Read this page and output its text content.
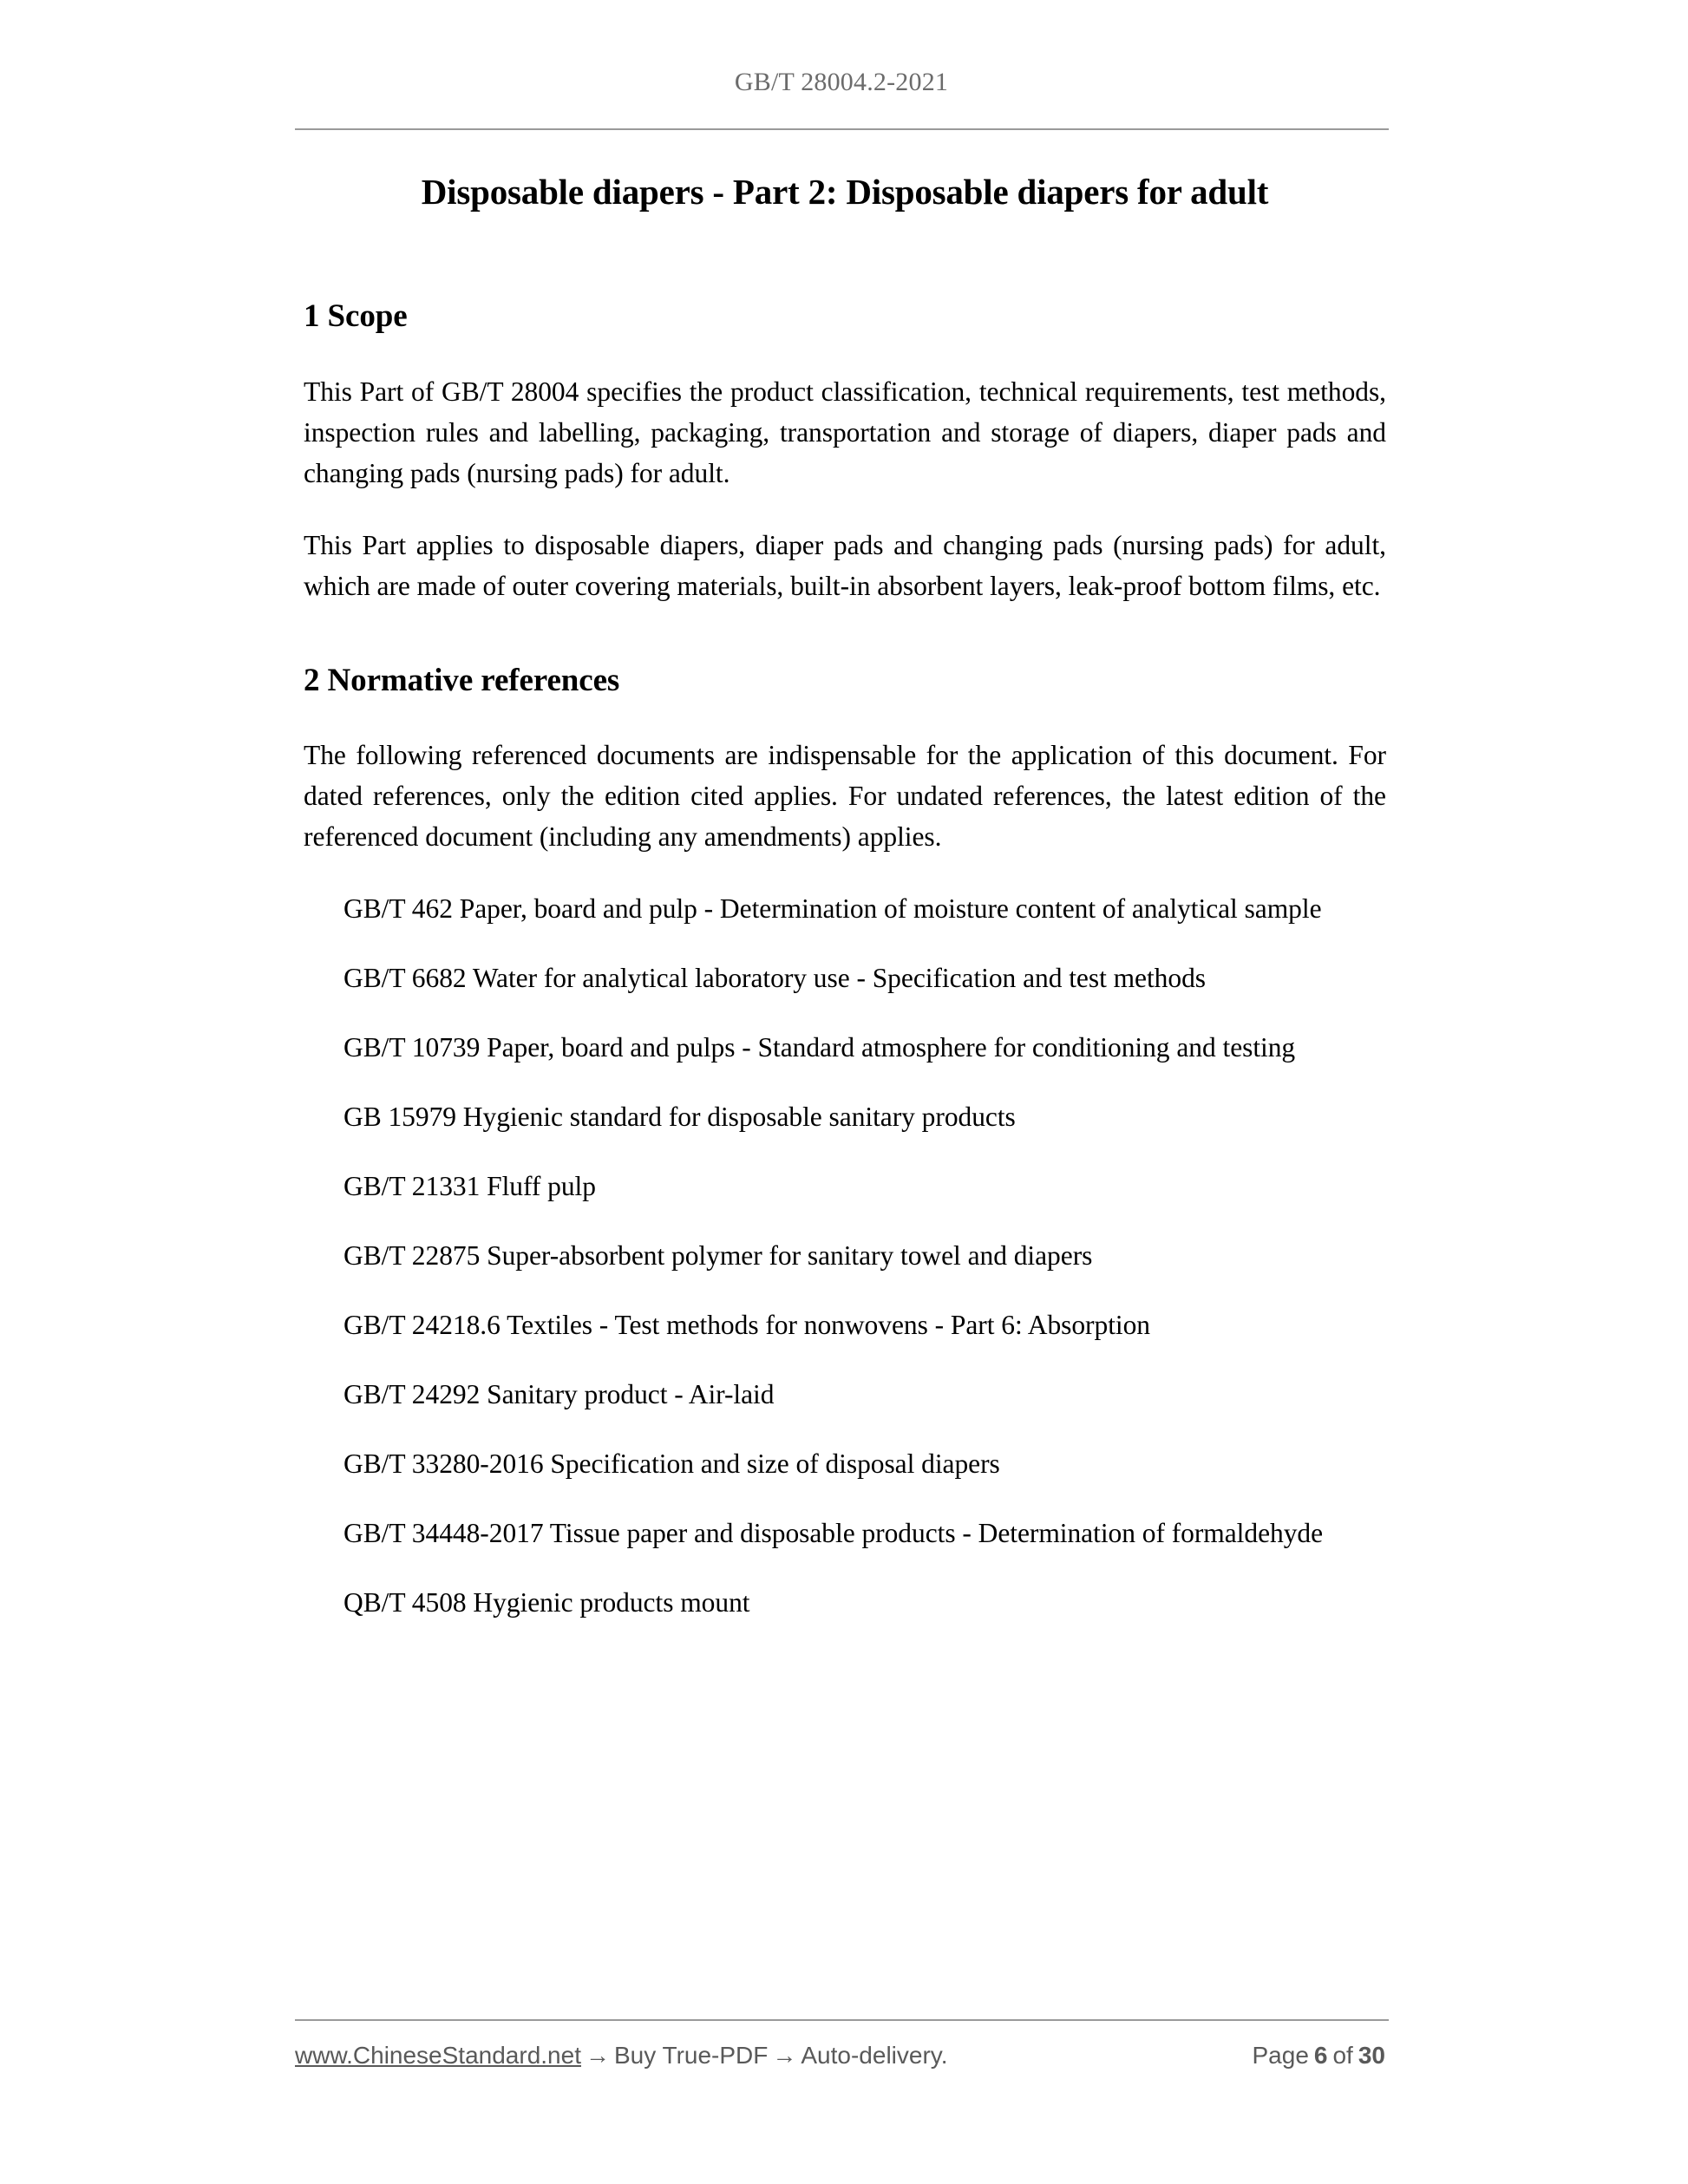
GB/T 28004.2-2021
Disposable diapers - Part 2: Disposable diapers for adult
1 Scope

This Part of GB/T 28004 specifies the product classification, technical requirements, test methods, inspection rules and labelling, packaging, transportation and storage of diapers, diaper pads and changing pads (nursing pads) for adult.

This Part applies to disposable diapers, diaper pads and changing pads (nursing pads) for adult, which are made of outer covering materials, built-in absorbent layers, leak-proof bottom films, etc.

2 Normative references

The following referenced documents are indispensable for the application of this document. For dated references, only the edition cited applies. For undated references, the latest edition of the referenced document (including any amendments) applies.

GB/T 462 Paper, board and pulp - Determination of moisture content of analytical sample
GB/T 6682 Water for analytical laboratory use - Specification and test methods
GB/T 10739 Paper, board and pulps - Standard atmosphere for conditioning and testing
GB 15979 Hygienic standard for disposable sanitary products
GB/T 21331 Fluff pulp
GB/T 22875 Super-absorbent polymer for sanitary towel and diapers
GB/T 24218.6 Textiles - Test methods for nonwovens - Part 6: Absorption
GB/T 24292 Sanitary product - Air-laid
GB/T 33280-2016 Specification and size of disposal diapers
GB/T 34448-2017 Tissue paper and disposable products - Determination of formaldehyde
QB/T 4508 Hygienic products mount
www.ChineseStandard.net → Buy True-PDF → Auto-delivery.	Page 6 of 30
